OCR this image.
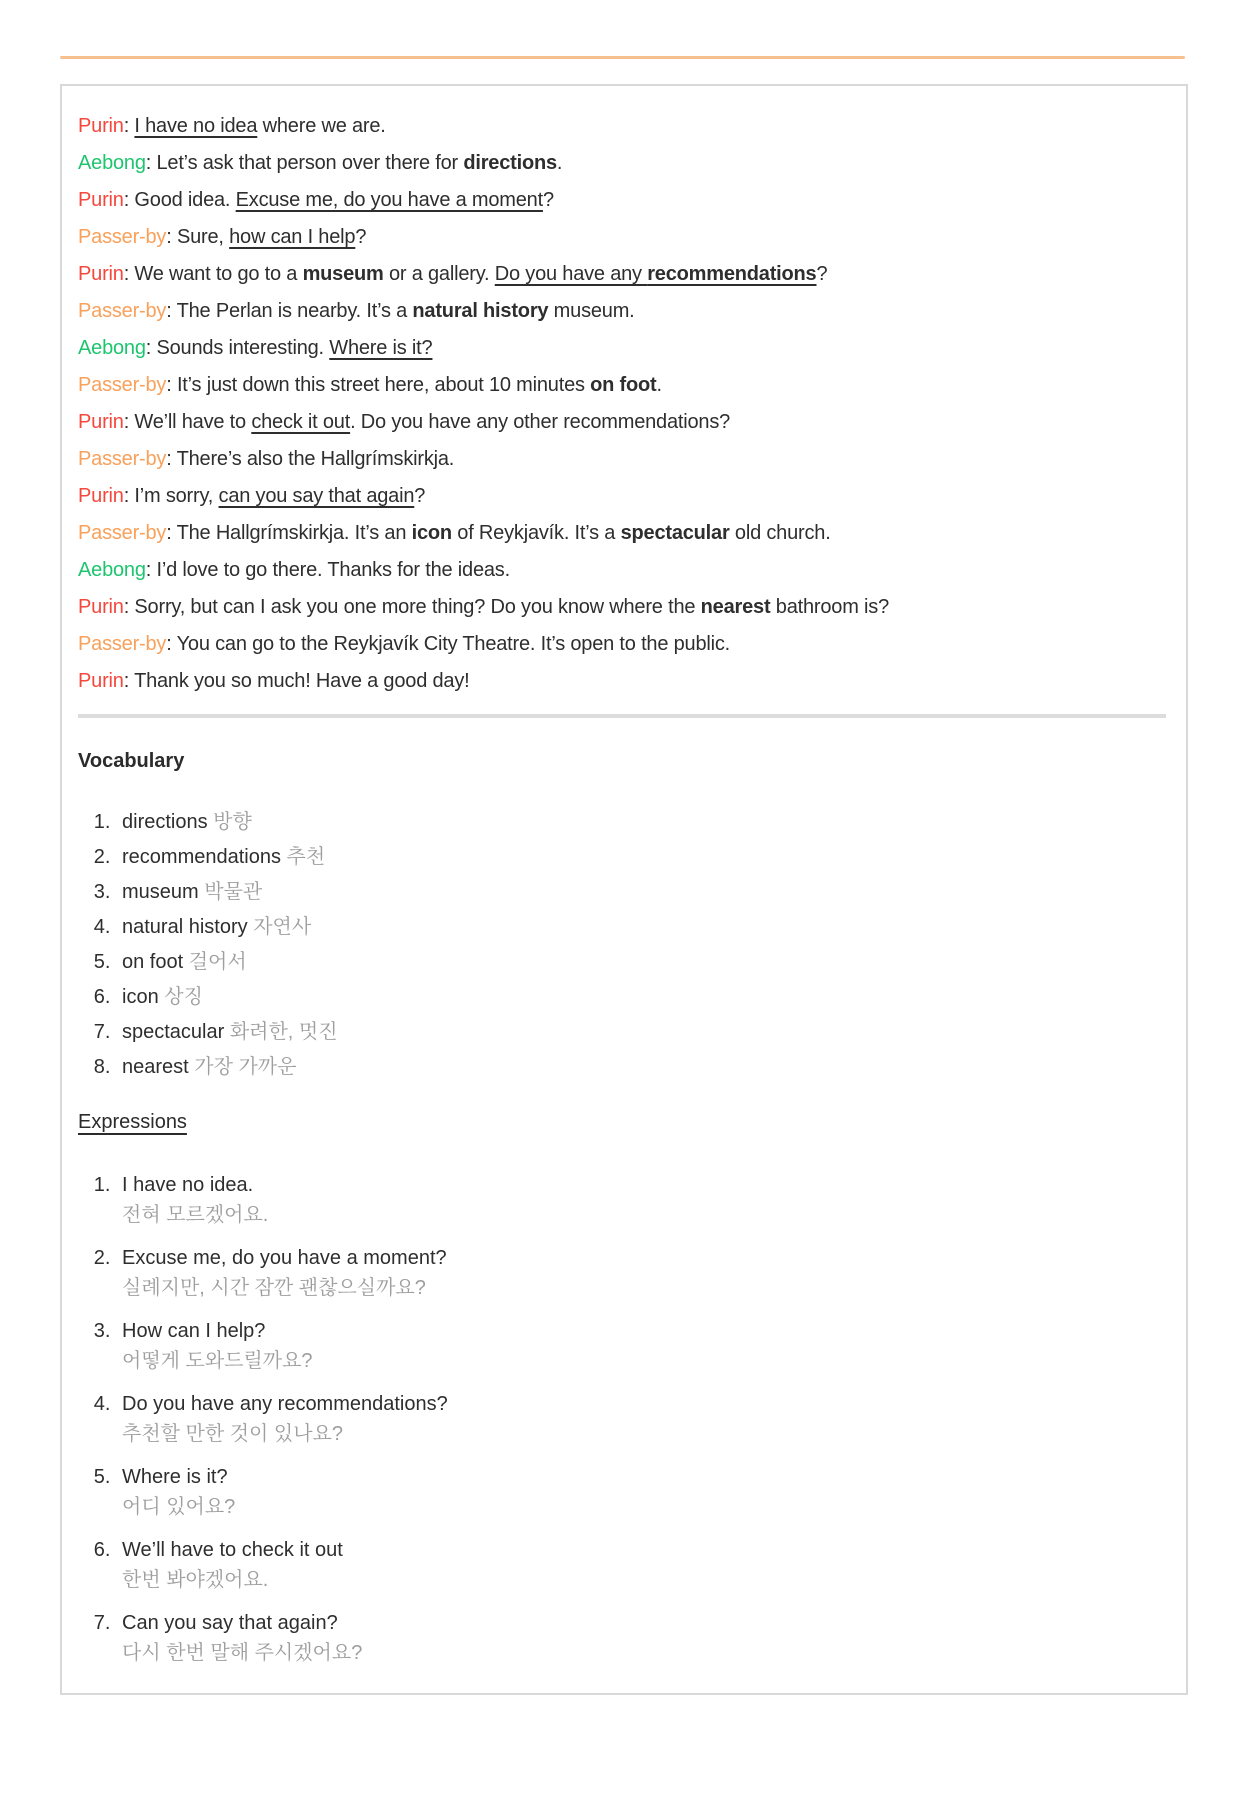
Purin: I have no idea where we are.

Aebong: Let’s ask that person over there for directions.

Purin: Good idea. Excuse me, do you have a moment?

Passer-by: Sure, how can I help?

Purin: We want to go to a museum or a gallery. Do you have any recommendations?

Passer-by: The Perlan is nearby. It’s a natural history museum.

Aebong: Sounds interesting. Where is it?

Passer-by: It’s just down this street here, about 10 minutes on foot.

Purin: We’ll have to check it out. Do you have any other recommendations?

Passer-by: There’s also the Hallgrímskirkja.

Purin: I’m sorry, can you say that again?

Passer-by: The Hallgrímskirkja. It’s an icon of Reykjavík. It’s a spectacular old church.

Aebong: I’d love to go there. Thanks for the ideas.

Purin: Sorry, but can I ask you one more thing? Do you know where the nearest bathroom is?

Passer-by: You can go to the Reykjavík City Theatre. It’s open to the public.

Purin: Thank you so much! Have a good day!

Vocabulary
1. directions 방향
2. recommendations 추천
3. museum 박물관
4. natural history 자연사
5. on foot 걸어서
6. icon 상징
7. spectacular 화려한, 멋진
8. nearest 가장 가까운
Expressions
1. I have no idea.
전혀 모르겠어요.
2. Excuse me, do you have a moment?
실례지만, 시간 잠깐 괜찮으실까요?
3. How can I help?
어떻게 도와드릴까요?
4. Do you have any recommendations?
추천할 만한 것이 있나요?
5. Where is it?
어디 있어요?
6. We’ll have to check it out
한번 봐야겠어요.
7. Can you say that again?
다시 한번 말해 주시겠어요?
